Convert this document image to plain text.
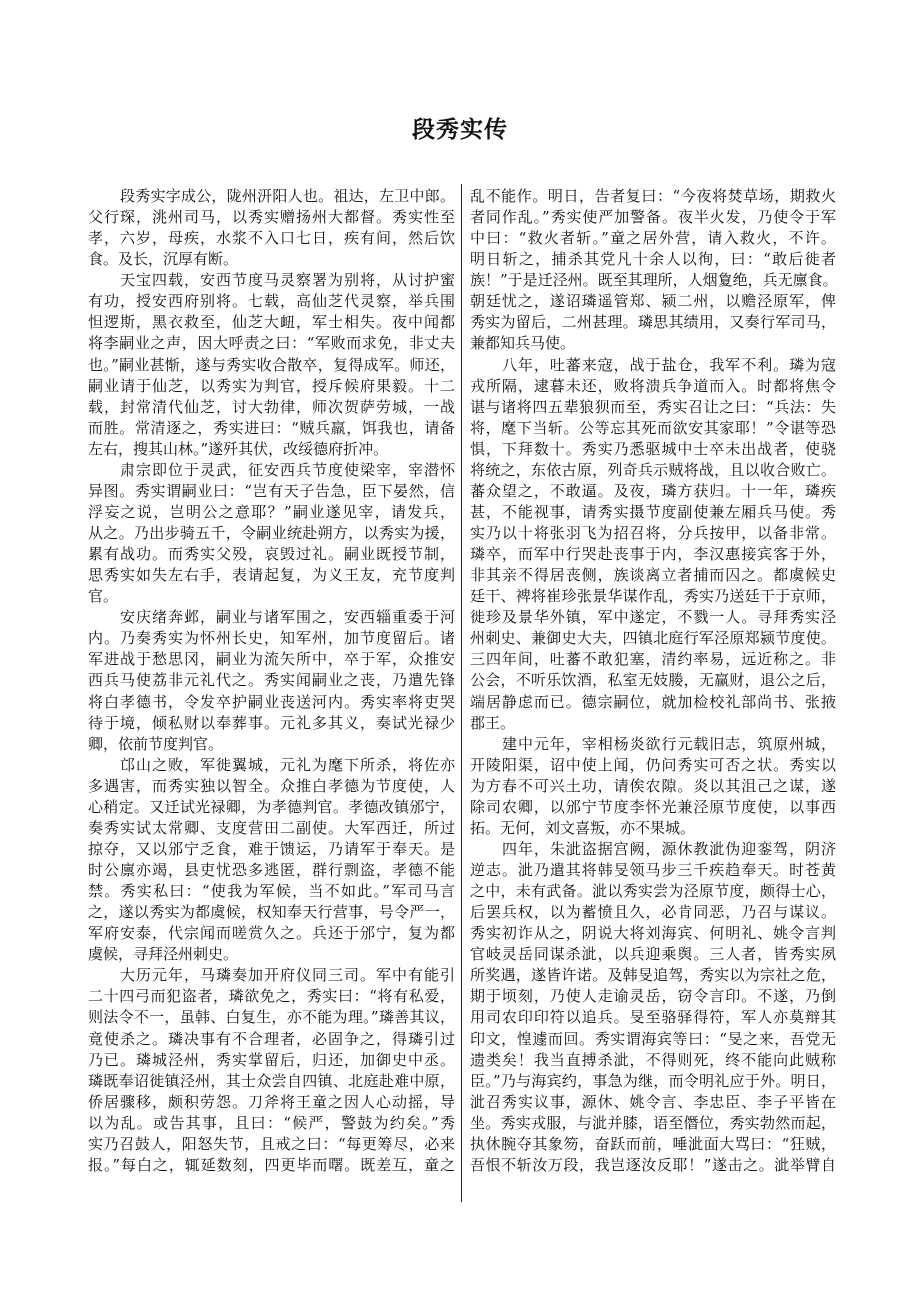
段秀实传
段秀实字成公，陇州汧阳人也。祖达，左卫中郎。
父行琛，洮州司马，以秀实赠扬州大都督。秀实性至
孝，六岁，母疾，水浆不入口七日，疾有间，然后饮
食。及长，沉厚有断。
天宝四载，安西节度马灵察署为别将，从讨护蜜
有功，授安西府别将。七载，高仙芝代灵察，举兵围
怛逻斯，黑衣救至，仙芝大衄，军士相失。夜中闻都
将李嗣业之声，因大呼责之曰：“军败而求免，非丈夫
也。”嗣业甚惭，遂与秀实收合散卒，复得成军。师还，
嗣业请于仙芝，以秀实为判官，授斥候府果毅。十二
载，封常清代仙芝，讨大勃律，师次贺萨劳城，一战
而胜。常清逐之，秀实进曰：“贼兵羸，饵我也，请备
左右，搜其山林。”遂歼其伏，改绥德府折冲。
肃宗即位于灵武，征安西兵节度使梁宰，宰潜怀
异图。秀实谓嗣业曰：“岂有天子告急，臣下晏然，信
浮妄之说，岂明公之意耶？”嗣业遂见宰，请发兵，
从之。乃出步骑五千，令嗣业统赴朔方，以秀实为援，
累有战功。而秀实父殁，哀毁过礼。嗣业既授节制，
思秀实如失左右手，表请起复，为义王友，充节度判
官。
安庆绪奔邺，嗣业与诸军围之，安西辎重委于河
内。乃奏秀实为怀州长史，知军州，加节度留后。诸
军进战于愁思冈，嗣业为流矢所中，卒于军，众推安
西兵马使荔非元礼代之。秀实闻嗣业之丧，乃遣先锋
将白孝德书，令发卒护嗣业丧送河内。秀实率将吏哭
待于境，倾私财以奉葬事。元礼多其义，奏试光禄少
卿，依前节度判官。
邙山之败，军徙翼城，元礼为麾下所杀，将佐亦
多遇害，而秀实独以智全。众推白孝德为节度使，人
心稍定。又迁试光禄卿，为孝德判官。孝德改镇邠宁，
奏秀实试太常卿、支度营田二副使。大军西迁，所过
掠夺，又以邠宁乏食，难于馈运，乃请军于奉天。是
时公廪亦竭，县吏忧恐多逃匿，群行剽盗，孝德不能
禁。秀实私曰：“使我为军候，当不如此。”军司马言
之，遂以秀实为都虞候，权知奉天行营事，号令严一，
军府安泰，代宗闻而嗟赏久之。兵还于邠宁，复为都
虞候，寻拜泾州刺史。
大历元年，马璘奏加开府仪同三司。军中有能引
二十四弓而犯盗者，璘欲免之，秀实曰：“将有私爱，
则法令不一，虽韩、白复生，亦不能为理。”璘善其议，
竟使杀之。璘决事有不合理者，必固争之，得璘引过
乃已。璘城泾州，秀实掌留后，归还，加御史中丞。
璘既奉诏徙镇泾州，其士众尝自四镇、北庭赴难中原，
侨居骤移，颇积劳怨。刀斧将王童之因人心动摇，导
以为乱。或告其事，且曰：“候严，警鼓为约矣。”秀
实乃召鼓人，阳怒失节，且戒之曰：“每更筹尽，必来
报。”每白之，辄延数刻，四更毕而曙。既差互，童之
乱不能作。明日，告者复曰：“今夜将焚草场，期救火
者同作乱。”秀实使严加警备。夜半火发，乃使令于军
中曰：“救火者斩。”童之居外营，请入救火，不许。
明日斩之，捕杀其党凡十余人以徇，曰：“敢后徙者
族！”于是迁泾州。既至其理所，人烟夐绝，兵无廪食。
朝廷忧之，遂诏璘遥管郑、颍二州，以赡泾原军，俾
秀实为留后，二州甚理。璘思其绩用，又奏行军司马，
兼都知兵马使。
八年，吐蕃来寇，战于盐仓，我军不利。璘为寇
戎所隔，逮暮未还，败将溃兵争道而入。时都将焦令
谌与诸将四五辈狼狈而至，秀实召让之曰：“兵法：失
将，麾下当斩。公等忘其死而欲安其家耶！”令谌等恐
惧，下拜数十。秀实乃悉驱城中士卒未出战者，使骁
将统之，东依古原，列奇兵示贼将战，且以收合败亡。
蕃众望之，不敢逼。及夜，璘方获归。十一年，璘疾
甚，不能视事，请秀实摄节度副使兼左厢兵马使。秀
实乃以十将张羽飞为招召将，分兵按甲，以备非常。
璘卒，而军中行哭赴丧事于内，李汉惠接宾客于外，
非其亲不得居丧侧，族谈离立者捕而囚之。都虞候史
廷干、裨将崔珍张景华谋作乱，秀实乃送廷干于京师，
徙珍及景华外镇，军中遂定，不戮一人。寻拜秀实泾
州刺史、兼御史大夫，四镇北庭行军泾原郑颍节度使。
三四年间，吐蕃不敢犯塞，清约率易，远近称之。非
公会，不听乐饮酒，私室无妓媵，无赢财，退公之后，
端居静虑而已。德宗嗣位，就加检校礼部尚书、张掖
郡王。
建中元年，宰相杨炎欲行元载旧志，筑原州城，
开陵阳渠，诏中使上闻，仍问秀实可否之状。秀实以
为方春不可兴土功，请俟农隙。炎以其沮己之谋，遂
除司农卿，以邠宁节度李怀光兼泾原节度使，以事西
拓。无何，刘文喜叛，亦不果城。
四年，朱泚盗据宫阙，源休教泚伪迎銮驾，阴济
逆志。泚乃遣其将韩旻领马步三千疾趋奉天。时苍黄
之中，未有武备。泚以秀实尝为泾原节度，颇得士心，
后罢兵权，以为蓄愤且久，必肯同恶，乃召与谋议。
秀实初诈从之，阴说大将刘海宾、何明礼、姚令言判
官岐灵岳同谋杀泚，以兵迎乘舆。三人者，皆秀实夙
所奖遇，遂皆许诺。及韩旻追驾，秀实以为宗社之危，
期于顷刻，乃使人走谕灵岳，窃令言印。不遂，乃倒
用司农印印符以追兵。旻至骆驿得符，军人亦莫辩其
印文，惶遽而回。秀实谓海宾等曰：“旻之来，吾党无
遗类矣！我当直搏杀泚，不得则死，终不能向此贼称
臣。”乃与海宾约，事急为继，而令明礼应于外。明日，
泚召秀实议事，源休、姚令言、李忠臣、李子平皆在
坐。秀实戎服，与泚并膝，语至僭位，秀实勃然而起，
执休腕夺其象笏，奋跃而前，唾泚面大骂曰：“狂贼，
吾恨不斩汝万段，我岂逐汝反耶！”遂击之。泚举臂自
